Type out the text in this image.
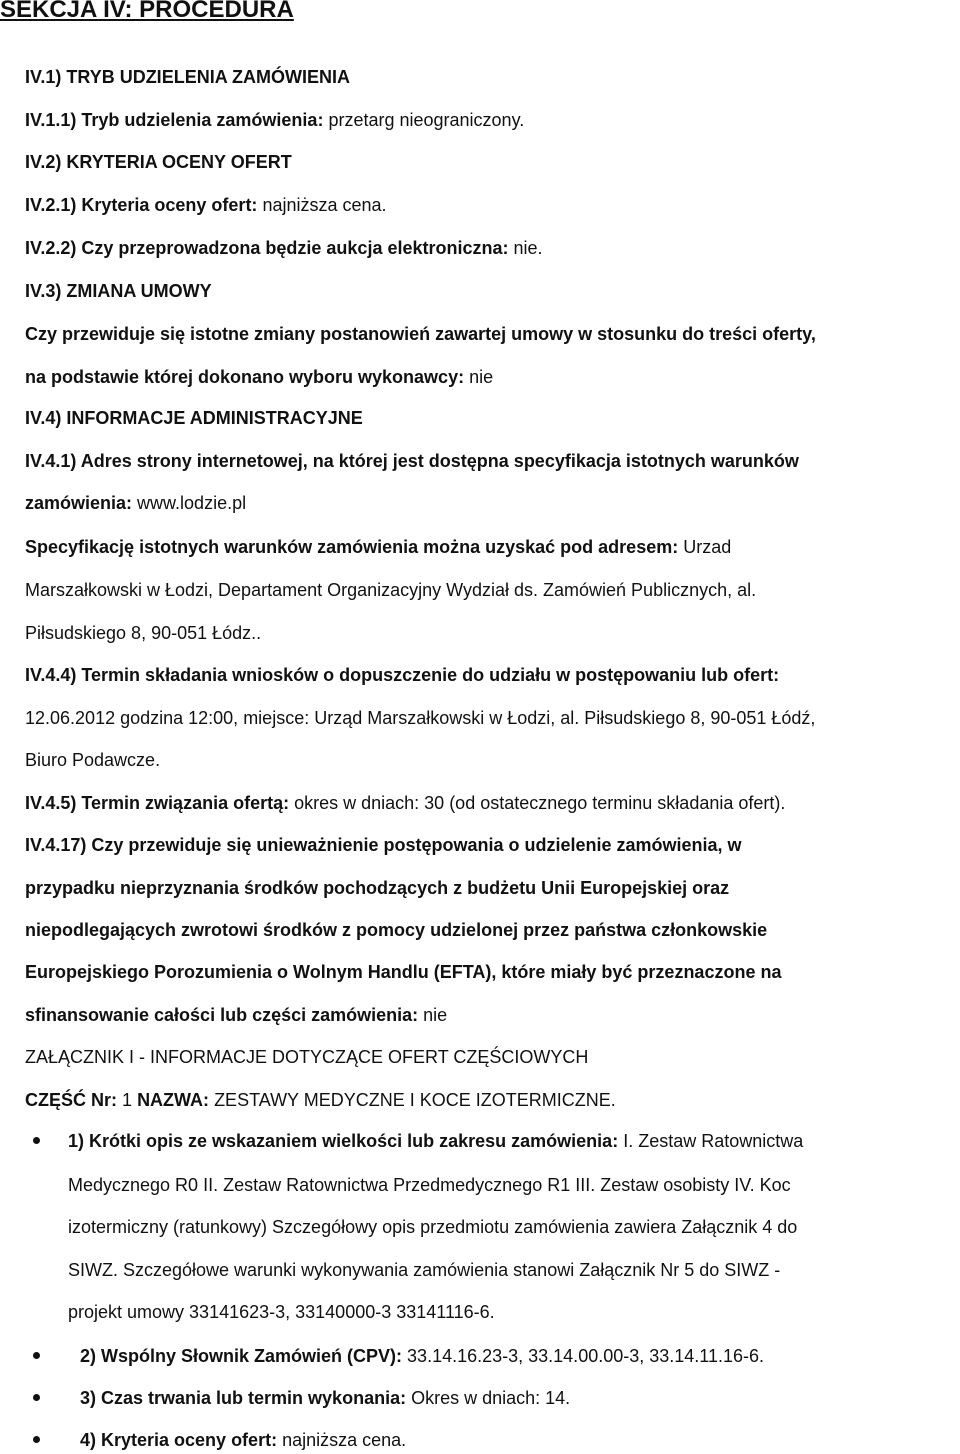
SEKCJA IV: PROCEDURA
IV.1) TRYB UDZIELENIA ZAMÓWIENIA
IV.1.1) Tryb udzielenia zamówienia: przetarg nieograniczony.
IV.2) KRYTERIA OCENY OFERT
IV.2.1) Kryteria oceny ofert: najniższa cena.
IV.2.2) Czy przeprowadzona będzie aukcja elektroniczna: nie.
IV.3) ZMIANA UMOWY
Czy przewiduje się istotne zmiany postanowień zawartej umowy w stosunku do treści oferty,
na podstawie której dokonano wyboru wykonawcy: nie
IV.4) INFORMACJE ADMINISTRACYJNE
IV.4.1) Adres strony internetowej, na której jest dostępna specyfikacja istotnych warunków
zamówienia: www.lodzie.pl
Specyfikację istotnych warunków zamówienia można uzyskać pod adresem: Urzad
Marszałkowski w Łodzi, Departament Organizacyjny Wydział ds. Zamówień Publicznych, al.
Piłsudskiego 8, 90-051 Łódz..
IV.4.4) Termin składania wniosków o dopuszczenie do udziału w postępowaniu lub ofert:
12.06.2012 godzina 12:00, miejsce: Urząd Marszałkowski w Łodzi, al. Piłsudskiego 8, 90-051 Łódź,
Biuro Podawcze.
IV.4.5) Termin związania ofertą: okres w dniach: 30 (od ostatecznego terminu składania ofert).
IV.4.17) Czy przewiduje się unieważnienie postępowania o udzielenie zamówienia, w
przypadku nieprzyznania środków pochodzących z budżetu Unii Europejskiej oraz
niepodlegających zwrotowi środków z pomocy udzielonej przez państwa członkowskie
Europejskiego Porozumienia o Wolnym Handlu (EFTA), które miały być przeznaczone na
sfinansowanie całości lub części zamówienia: nie
ZAŁĄCZNIK I - INFORMACJE DOTYCZĄCE OFERT CZĘŚCIOWYCH
CZĘŚĆ Nr: 1 NAZWA: ZESTAWY MEDYCZNE I KOCE IZOTERMICZNE.
1) Krótki opis ze wskazaniem wielkości lub zakresu zamówienia: I. Zestaw Ratownictwa
Medycznego R0 II. Zestaw Ratownictwa Przedmedycznego R1 III. Zestaw osobisty IV. Koc
izotermiczny (ratunkowy) Szczegółowy opis przedmiotu zamówienia zawiera Załącznik 4 do
SIWZ. Szczegółowe warunki wykonywania zamówienia stanowi Załącznik Nr 5 do SIWZ -
projekt umowy 33141623-3, 33140000-3 33141116-6.
2) Wspólny Słownik Zamówień (CPV): 33.14.16.23-3, 33.14.00.00-3, 33.14.11.16-6.
3) Czas trwania lub termin wykonania: Okres w dniach: 14.
4) Kryteria oceny ofert: najniższa cena.
